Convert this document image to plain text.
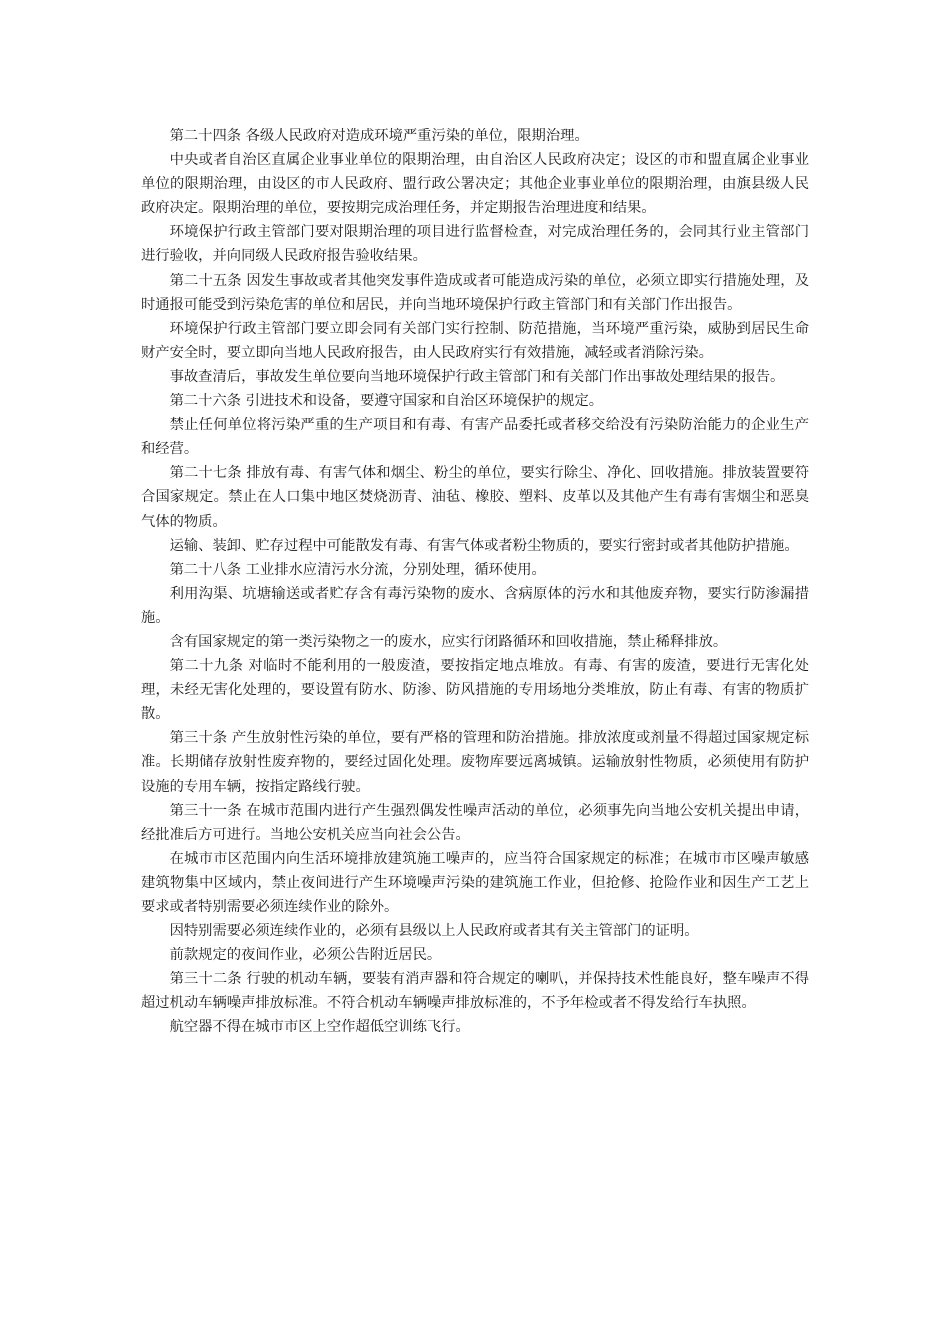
第二十四条 各级人民政府对造成环境严重污染的单位，限期治理。

中央或者自治区直属企业事业单位的限期治理，由自治区人民政府决定；设区的市和盟直属企业事业单位的限期治理，由设区的市人民政府、盟行政公署决定；其他企业事业单位的限期治理，由旗县级人民政府决定。限期治理的单位，要按期完成治理任务，并定期报告治理进度和结果。

环境保护行政主管部门要对限期治理的项目进行监督检查，对完成治理任务的，会同其行业主管部门进行验收，并向同级人民政府报告验收结果。

第二十五条 因发生事故或者其他突发事件造成或者可能造成污染的单位，必须立即实行措施处理，及时通报可能受到污染危害的单位和居民，并向当地环境保护行政主管部门和有关部门作出报告。

环境保护行政主管部门要立即会同有关部门实行控制、防范措施，当环境严重污染，威胁到居民生命财产安全时，要立即向当地人民政府报告，由人民政府实行有效措施，减轻或者消除污染。

事故查清后，事故发生单位要向当地环境保护行政主管部门和有关部门作出事故处理结果的报告。

第二十六条 引进技术和设备，要遵守国家和自治区环境保护的规定。

禁止任何单位将污染严重的生产项目和有毒、有害产品委托或者移交给没有污染防治能力的企业生产和经营。

第二十七条 排放有毒、有害气体和烟尘、粉尘的单位，要实行除尘、净化、回收措施。排放装置要符合国家规定。禁止在人口集中地区焚烧沥青、油毡、橡胶、塑料、皮革以及其他产生有毒有害烟尘和恶臭气体的物质。

运输、装卸、贮存过程中可能散发有毒、有害气体或者粉尘物质的，要实行密封或者其他防护措施。

第二十八条 工业排水应清污水分流，分别处理，循环使用。

利用沟渠、坑塘输送或者贮存含有毒污染物的废水、含病原体的污水和其他废弃物，要实行防渗漏措施。

含有国家规定的第一类污染物之一的废水，应实行闭路循环和回收措施，禁止稀释排放。

第二十九条 对临时不能利用的一般废渣，要按指定地点堆放。有毒、有害的废渣，要进行无害化处理，未经无害化处理的，要设置有防水、防渗、防风措施的专用场地分类堆放，防止有毒、有害的物质扩散。

第三十条 产生放射性污染的单位，要有严格的管理和防治措施。排放浓度或剂量不得超过国家规定标准。长期储存放射性废弃物的，要经过固化处理。废物库要远离城镇。运输放射性物质，必须使用有防护设施的专用车辆，按指定路线行驶。

第三十一条 在城市范围内进行产生强烈偶发性噪声活动的单位，必须事先向当地公安机关提出申请，经批准后方可进行。当地公安机关应当向社会公告。

在城市市区范围内向生活环境排放建筑施工噪声的，应当符合国家规定的标准；在城市市区噪声敏感建筑物集中区域内，禁止夜间进行产生环境噪声污染的建筑施工作业，但抢修、抢险作业和因生产工艺上要求或者特别需要必须连续作业的除外。

因特别需要必须连续作业的，必须有县级以上人民政府或者其有关主管部门的证明。

前款规定的夜间作业，必须公告附近居民。

第三十二条 行驶的机动车辆，要装有消声器和符合规定的喇叭，并保持技术性能良好，整车噪声不得超过机动车辆噪声排放标准。不符合机动车辆噪声排放标准的，不予年检或者不得发给行车执照。

航空器不得在城市市区上空作超低空训练飞行。
